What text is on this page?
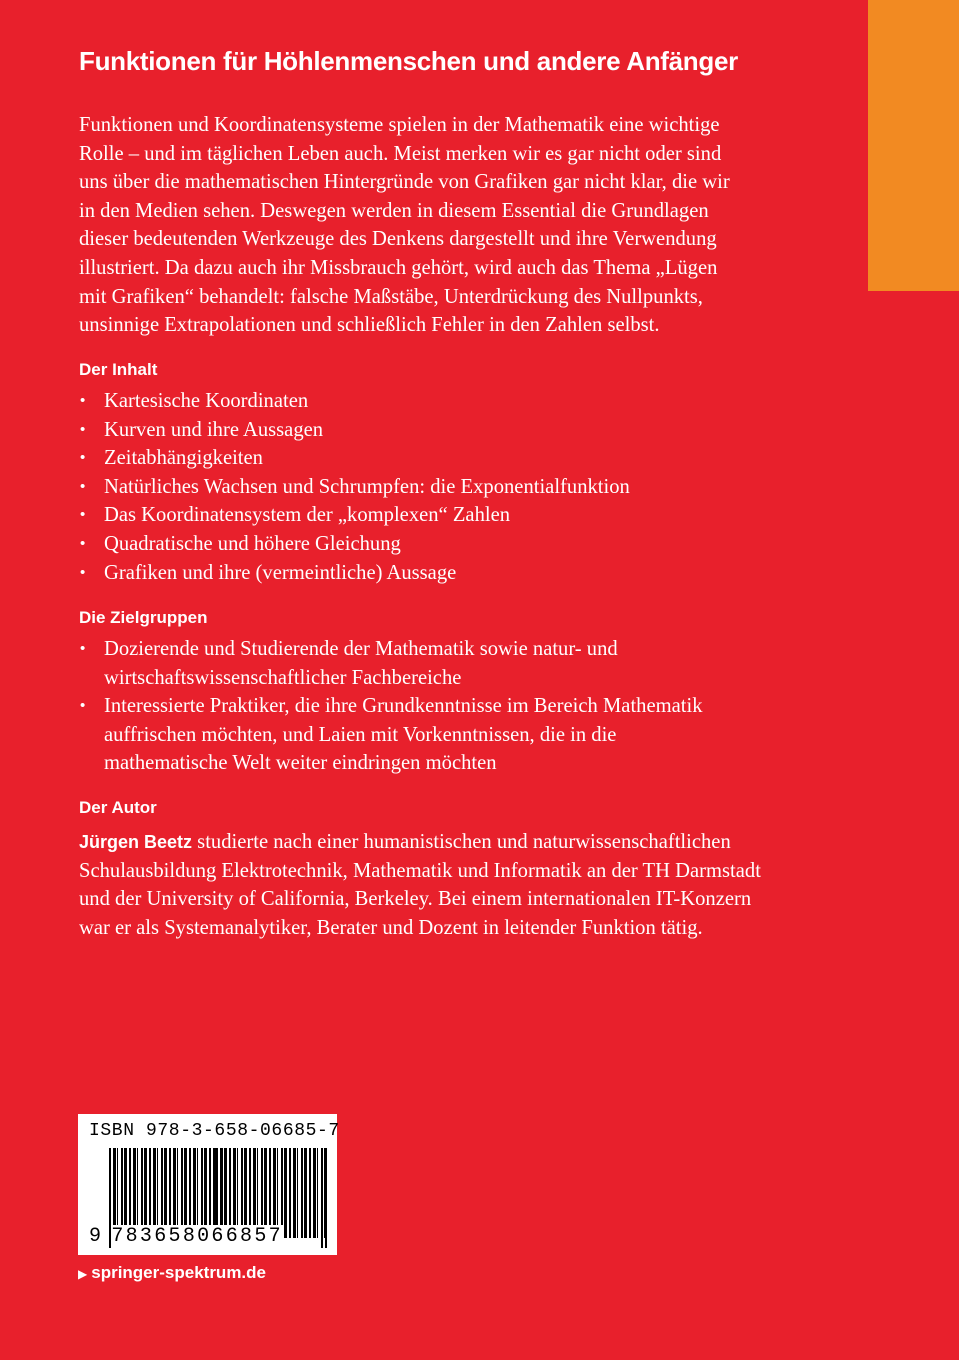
Funktionen für Höhlenmenschen und andere Anfänger
Funktionen und Koordinatensysteme spielen in der Mathematik eine wichtige
Rolle – und im täglichen Leben auch. Meist merken wir es gar nicht oder sind
uns über die mathematischen Hintergründe von Grafiken gar nicht klar, die wir
in den Medien sehen. Deswegen werden in diesem Essential die Grundlagen
dieser bedeutenden Werkzeuge des Denkens dargestellt und ihre Verwendung
illustriert. Da dazu auch ihr Missbrauch gehört, wird auch das Thema „Lügen
mit Grafiken“ behandelt: falsche Maßstäbe, Unterdrückung des Nullpunkts,
unsinnige Extrapolationen und schließlich Fehler in den Zahlen selbst.
Der Inhalt
• Kartesische Koordinaten
• Kurven und ihre Aussagen
• Zeitabhängigkeiten
• Natürliches Wachsen und Schrumpfen: die Exponentialfunktion
• Das Koordinatensystem der „komplexen“ Zahlen
• Quadratische und höhere Gleichung
• Grafiken und ihre (vermeintliche) Aussage
Die Zielgruppen
• Dozierende und Studierende der Mathematik sowie natur- und
wirtschaftswissenschaftlicher Fachbereiche
• Interessierte Praktiker, die ihre Grundkenntnisse im Bereich Mathematik
auffrischen möchten, und Laien mit Vorkenntnissen, die in die
mathematische Welt weiter eindringen möchten
Der Autor
Jürgen Beetz studierte nach einer humanistischen und naturwissenschaftlichen
Schulausbildung Elektrotechnik, Mathematik und Informatik an der TH Darmstadt
und der University of California, Berkeley. Bei einem internationalen IT-Konzern
war er als Systemanalytiker, Berater und Dozent in leitender Funktion tätig.
ISBN 978-3-658-06685-7
9 783658066857
▶ springer-spektrum.de
